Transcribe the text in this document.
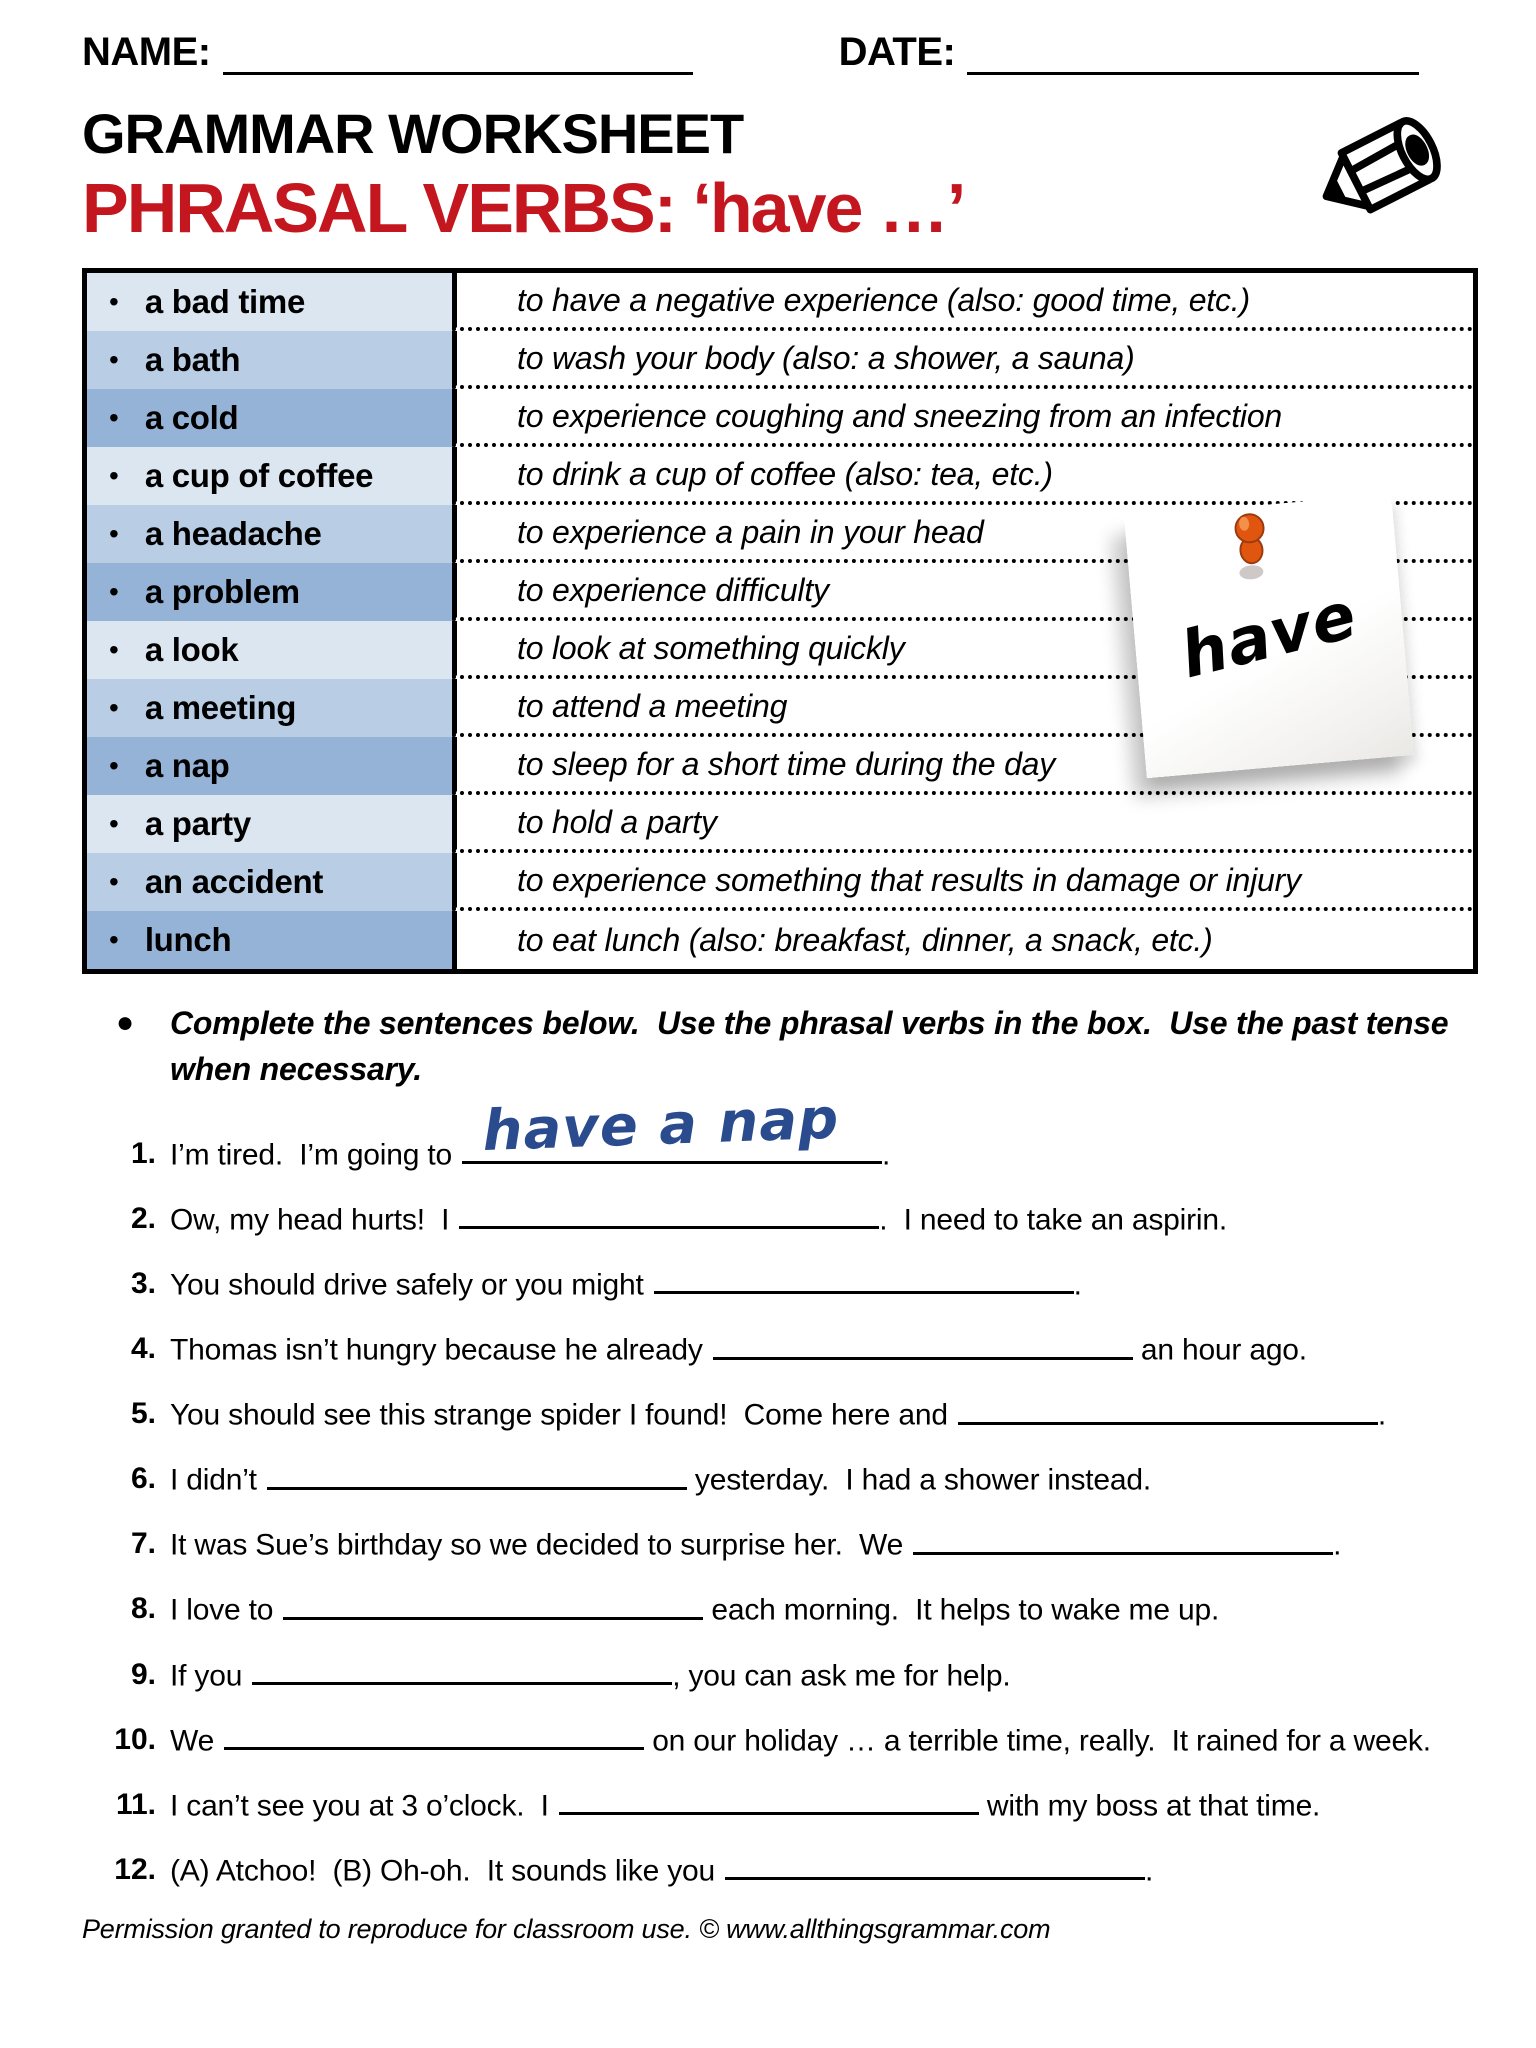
NAME:	DATE:
GRAMMAR WORKSHEET
PHRASAL VERBS: ‘have …’
• a bad time	to have a negative experience (also: good time, etc.)
• a bath	to wash your body (also: a shower, a sauna)
• a cold	to experience coughing and sneezing from an infection
• a cup of coffee	to drink a cup of coffee (also: tea, etc.)
• a headache	to experience a pain in your head
• a problem	to experience difficulty
• a look	to look at something quickly
• a meeting	to attend a meeting
• a nap	to sleep for a short time during the day
• a party	to hold a party
• an accident	to experience something that results in damage or injury
• lunch	to eat lunch (also: breakfast, dinner, a snack, etc.)
have
●	Complete the sentences below.  Use the phrasal verbs in the box.  Use the past tense when necessary.
1. I’m tired.  I’m going to have a nap .
2. Ow, my head hurts!  I	.  I need to take an aspirin.
3. You should drive safely or you might	.
4. Thomas isn’t hungry because he already	an hour ago.
5. You should see this strange spider I found!  Come here and	.
6. I didn’t	yesterday.  I had a shower instead.
7. It was Sue’s birthday so we decided to surprise her.  We	.
8. I love to	each morning.  It helps to wake me up.
9. If you	, you can ask me for help.
10. We	on our holiday … a terrible time, really.  It rained for a week.
11. I can’t see you at 3 o’clock.  I	with my boss at that time.
12. (A) Atchoo!  (B) Oh-oh.  It sounds like you	.
Permission granted to reproduce for classroom use. © www.allthingsgrammar.com
